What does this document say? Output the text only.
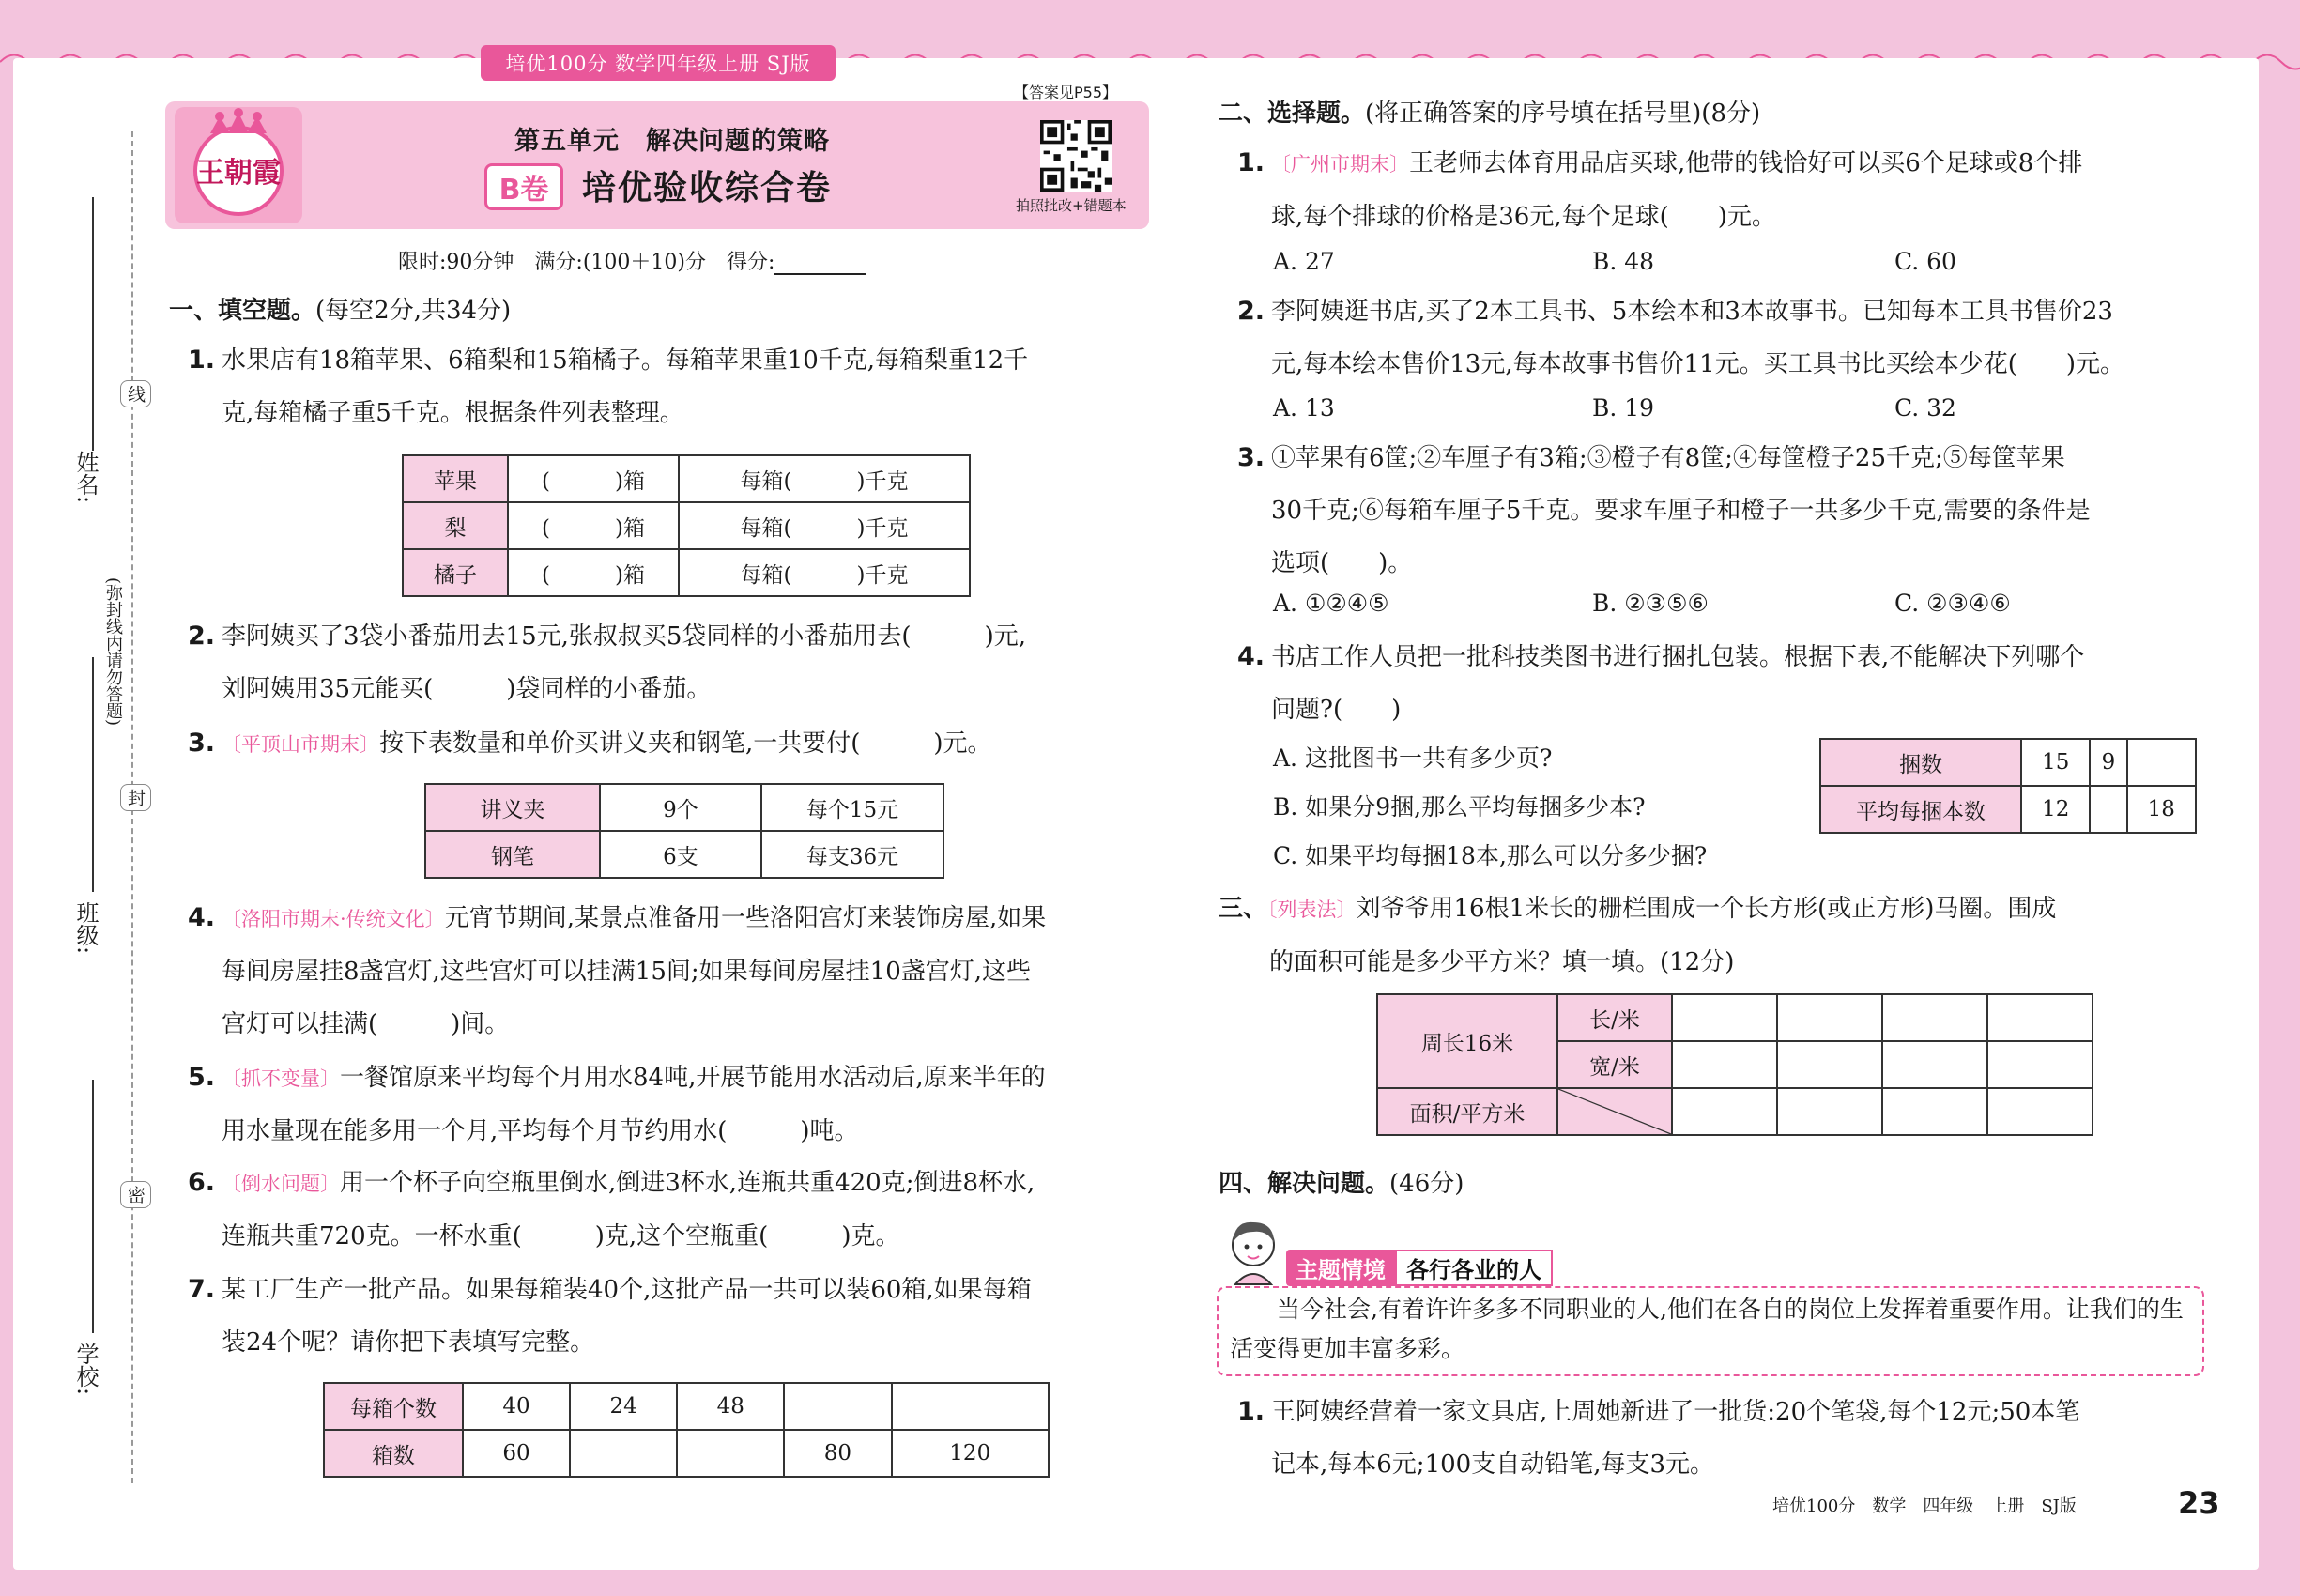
培优100分 数学四年级上册 SJ版
姓名:
班级:
学校:
线
(弥封线内请勿答题)
封
密
王朝霞
第五单元　解决问题的策略
B卷 培优验收综合卷
【答案见P55】
拍照批改+错题本
限时:90分钟　满分:(100＋10)分　得分:
一、填空题。(每空2分,共34分)
1. 水果店有18箱苹果、6箱梨和15箱橘子。每箱苹果重10千克,每箱梨重12千
克,每箱橘子重5千克。根据条件列表整理。
苹果	(　　　)箱	每箱(　　　)千克
梨	(　　　)箱	每箱(　　　)千克
橘子	(　　　)箱	每箱(　　　)千克
2. 李阿姨买了3袋小番茄用去15元,张叔叔买5袋同样的小番茄用去(　　　)元,
刘阿姨用35元能买(　　　)袋同样的小番茄。
3. 〔平顶山市期末〕按下表数量和单价买讲义夹和钢笔,一共要付(　　　)元。
讲义夹	9个	每个15元
钢笔	6支	每支36元
4. 〔洛阳市期末·传统文化〕元宵节期间,某景点准备用一些洛阳宫灯来装饰房屋,如果
每间房屋挂8盏宫灯,这些宫灯可以挂满15间;如果每间房屋挂10盏宫灯,这些
宫灯可以挂满(　　　)间。
5. 〔抓不变量〕一餐馆原来平均每个月用水84吨,开展节能用水活动后,原来半年的
用水量现在能多用一个月,平均每个月节约用水(　　　)吨。
6. 〔倒水问题〕用一个杯子向空瓶里倒水,倒进3杯水,连瓶共重420克;倒进8杯水,
连瓶共重720克。一杯水重(　　　)克,这个空瓶重(　　　)克。
7. 某工厂生产一批产品。如果每箱装40个,这批产品一共可以装60箱,如果每箱
装24个呢？请你把下表填写完整。
每箱个数	40	24	48		
箱数	60			80	120
二、选择题。(将正确答案的序号填在括号里)(8分)
1. 〔广州市期末〕王老师去体育用品店买球,他带的钱恰好可以买6个足球或8个排
球,每个排球的价格是36元,每个足球(　　)元。
A. 27	B. 48	C. 60
2. 李阿姨逛书店,买了2本工具书、5本绘本和3本故事书。已知每本工具书售价23
元,每本绘本售价13元,每本故事书售价11元。买工具书比买绘本少花(　　)元。
A. 13	B. 19	C. 32
3. ①苹果有6筐;②车厘子有3箱;③橙子有8筐;④每筐橙子25千克;⑤每筐苹果
30千克;⑥每箱车厘子5千克。要求车厘子和橙子一共多少千克,需要的条件是
选项(　　)。
A. ①②④⑤	B. ②③⑤⑥	C. ②③④⑥
4. 书店工作人员把一批科技类图书进行捆扎包装。根据下表,不能解决下列哪个
问题?(　　)
A. 这批图书一共有多少页?
B. 如果分9捆,那么平均每捆多少本?
C. 如果平均每捆18本,那么可以分多少捆?
捆数	15	9	
平均每捆本数	12		18
三、〔列表法〕刘爷爷用16根1米长的栅栏围成一个长方形(或正方形)马圈。围成
的面积可能是多少平方米？填一填。(12分)
周长16米	长/米				
	宽/米				
面积/平方米	

四、解决问题。(46分)
主题情境 各行各业的人
当今社会,有着许许多多不同职业的人,他们在各自的岗位上发挥着重要作用。让我们的生活变得更加丰富多彩。
1. 王阿姨经营着一家文具店,上周她新进了一批货:20个笔袋,每个12元;50本笔
记本,每本6元;100支自动铅笔,每支3元。
培优100分　数学　四年级　上册　SJ版	23
